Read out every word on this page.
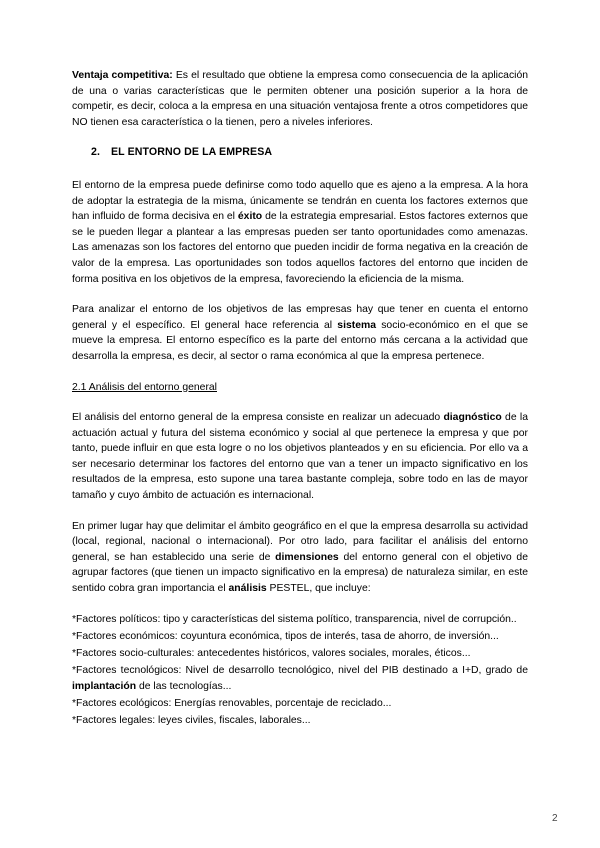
Ventaja competitiva: Es el resultado que obtiene la empresa como consecuencia de la aplicación de una o varias características que le permiten obtener una posición superior a la hora de competir, es decir, coloca a la empresa en una situación ventajosa frente a otros competidores que NO tienen esa característica o la tienen, pero a niveles inferiores.

2. EL ENTORNO DE LA EMPRESA

El entorno de la empresa puede definirse como todo aquello que es ajeno a la empresa. A la hora de adoptar la estrategia de la misma, únicamente se tendrán en cuenta los factores externos que han influido de forma decisiva en el éxito de la estrategia empresarial. Estos factores externos que se le pueden llegar a plantear a las empresas pueden ser tanto oportunidades como amenazas. Las amenazas son los factores del entorno que pueden incidir de forma negativa en la creación de valor de la empresa. Las oportunidades son todos aquellos factores del entorno que inciden de forma positiva en los objetivos de la empresa, favoreciendo la eficiencia de la misma.

Para analizar el entorno de los objetivos de las empresas hay que tener en cuenta el entorno general y el específico. El general hace referencia al sistema socio-económico en el que se mueve la empresa. El entorno específico es la parte del entorno más cercana a la actividad que desarrolla la empresa, es decir, al sector o rama económica al que la empresa pertenece.

2.1 Análisis del entorno general

El análisis del entorno general de la empresa consiste en realizar un adecuado diagnóstico de la actuación actual y futura del sistema económico y social al que pertenece la empresa y que por tanto, puede influir en que esta logre o no los objetivos planteados y en su eficiencia. Por ello va a ser necesario determinar los factores del entorno que van a tener un impacto significativo en los resultados de la empresa, esto supone una tarea bastante compleja, sobre todo en las de mayor tamaño y cuyo ámbito de actuación es internacional.

En primer lugar hay que delimitar el ámbito geográfico en el que la empresa desarrolla su actividad (local, regional, nacional o internacional). Por otro lado, para facilitar el análisis del entorno general, se han establecido una serie de dimensiones del entorno general con el objetivo de agrupar factores (que tienen un impacto significativo en la empresa) de naturaleza similar, en este sentido cobra gran importancia el análisis PESTEL, que incluye:

*Factores políticos: tipo y características del sistema político, transparencia, nivel de corrupción..

*Factores económicos: coyuntura económica, tipos de interés, tasa de ahorro, de inversión...

*Factores socio-culturales: antecedentes históricos, valores sociales, morales, éticos...

*Factores tecnológicos: Nivel de desarrollo tecnológico, nivel del PIB destinado a I+D, grado de implantación de las tecnologías...

*Factores ecológicos: Energías renovables, porcentaje de reciclado...

*Factores legales: leyes civiles, fiscales, laborales...

2
